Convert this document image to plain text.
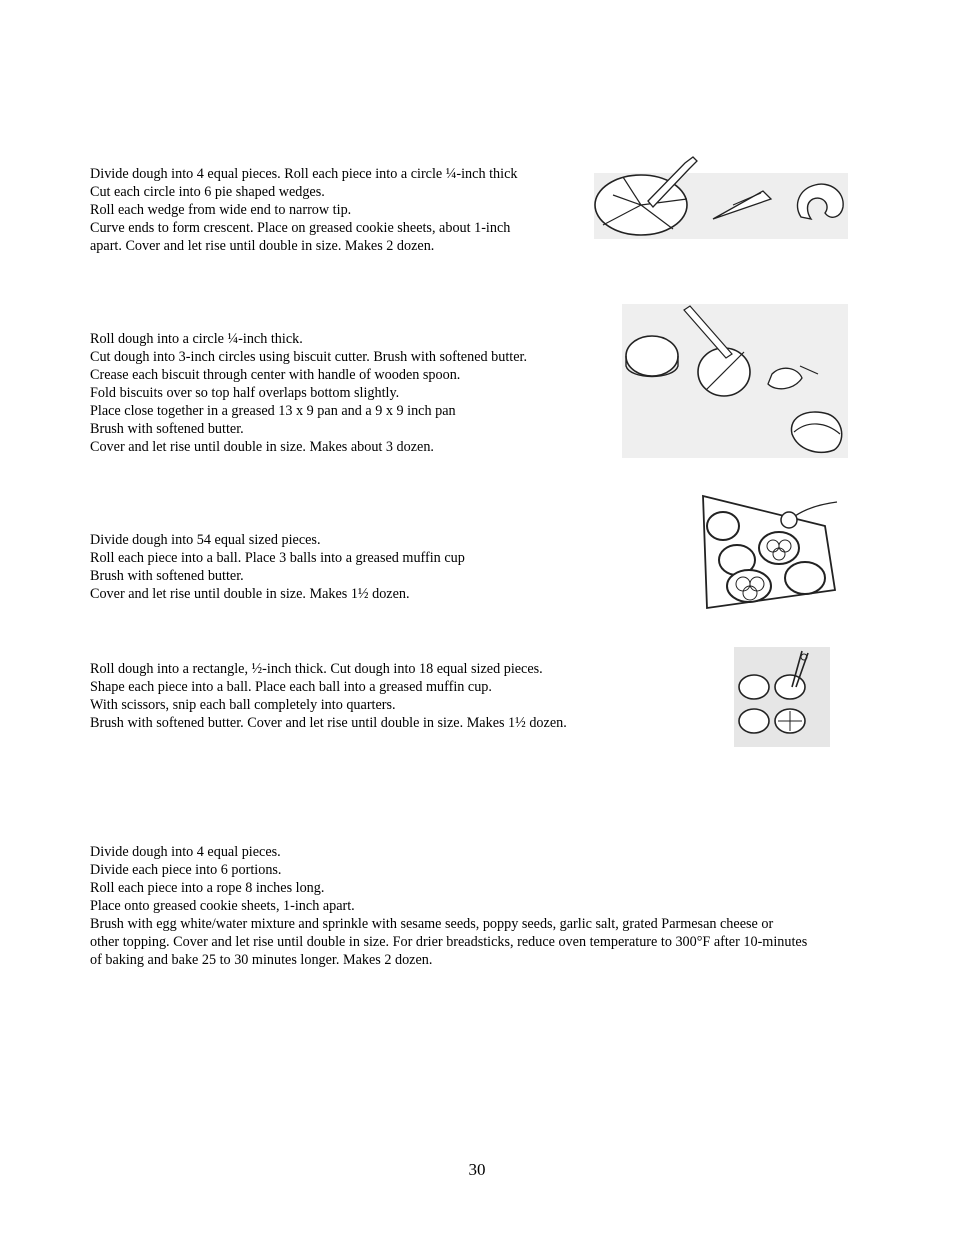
Divide dough into 4 equal pieces. Roll each piece into a circle ¼-inch thick

Cut each circle into 6 pie shaped wedges.

Roll each wedge from wide end to narrow tip.

Curve ends to form crescent. Place on greased cookie sheets, about 1-inch

apart. Cover and let rise until double in size. Makes 2 dozen.

Roll dough into a circle ¼-inch thick.

Cut dough into 3-inch circles using biscuit cutter. Brush with softened butter.

Crease each biscuit through center with handle of wooden spoon.

Fold biscuits over so top half overlaps bottom slightly.

Place close together in a greased 13 x 9 pan and a 9 x 9 inch pan

Brush with softened butter.

Cover and let rise until double in size. Makes about 3 dozen.

Divide dough into 54 equal sized pieces.

Roll each piece into a ball. Place 3 balls into a greased muffin cup

Brush with softened butter.

Cover and let rise until double in size. Makes 1½ dozen.

Roll dough into a rectangle, ½-inch thick. Cut dough into 18 equal sized pieces.

Shape each piece into a ball. Place each ball into a greased muffin cup.

With scissors, snip each ball completely into quarters.

Brush with softened butter. Cover and let rise until double in size. Makes 1½ dozen.

Divide dough into 4 equal pieces.

Divide each piece into 6 portions.

Roll each piece into a rope 8 inches long.

Place onto greased cookie sheets, 1-inch apart.

Brush with egg white/water mixture and sprinkle with sesame seeds, poppy seeds, garlic salt, grated Parmesan cheese or

other topping. Cover and let rise until double in size. For drier breadsticks, reduce oven temperature to 300°F after 10-minutes

of baking and bake 25 to 30 minutes longer. Makes 2 dozen.

30
